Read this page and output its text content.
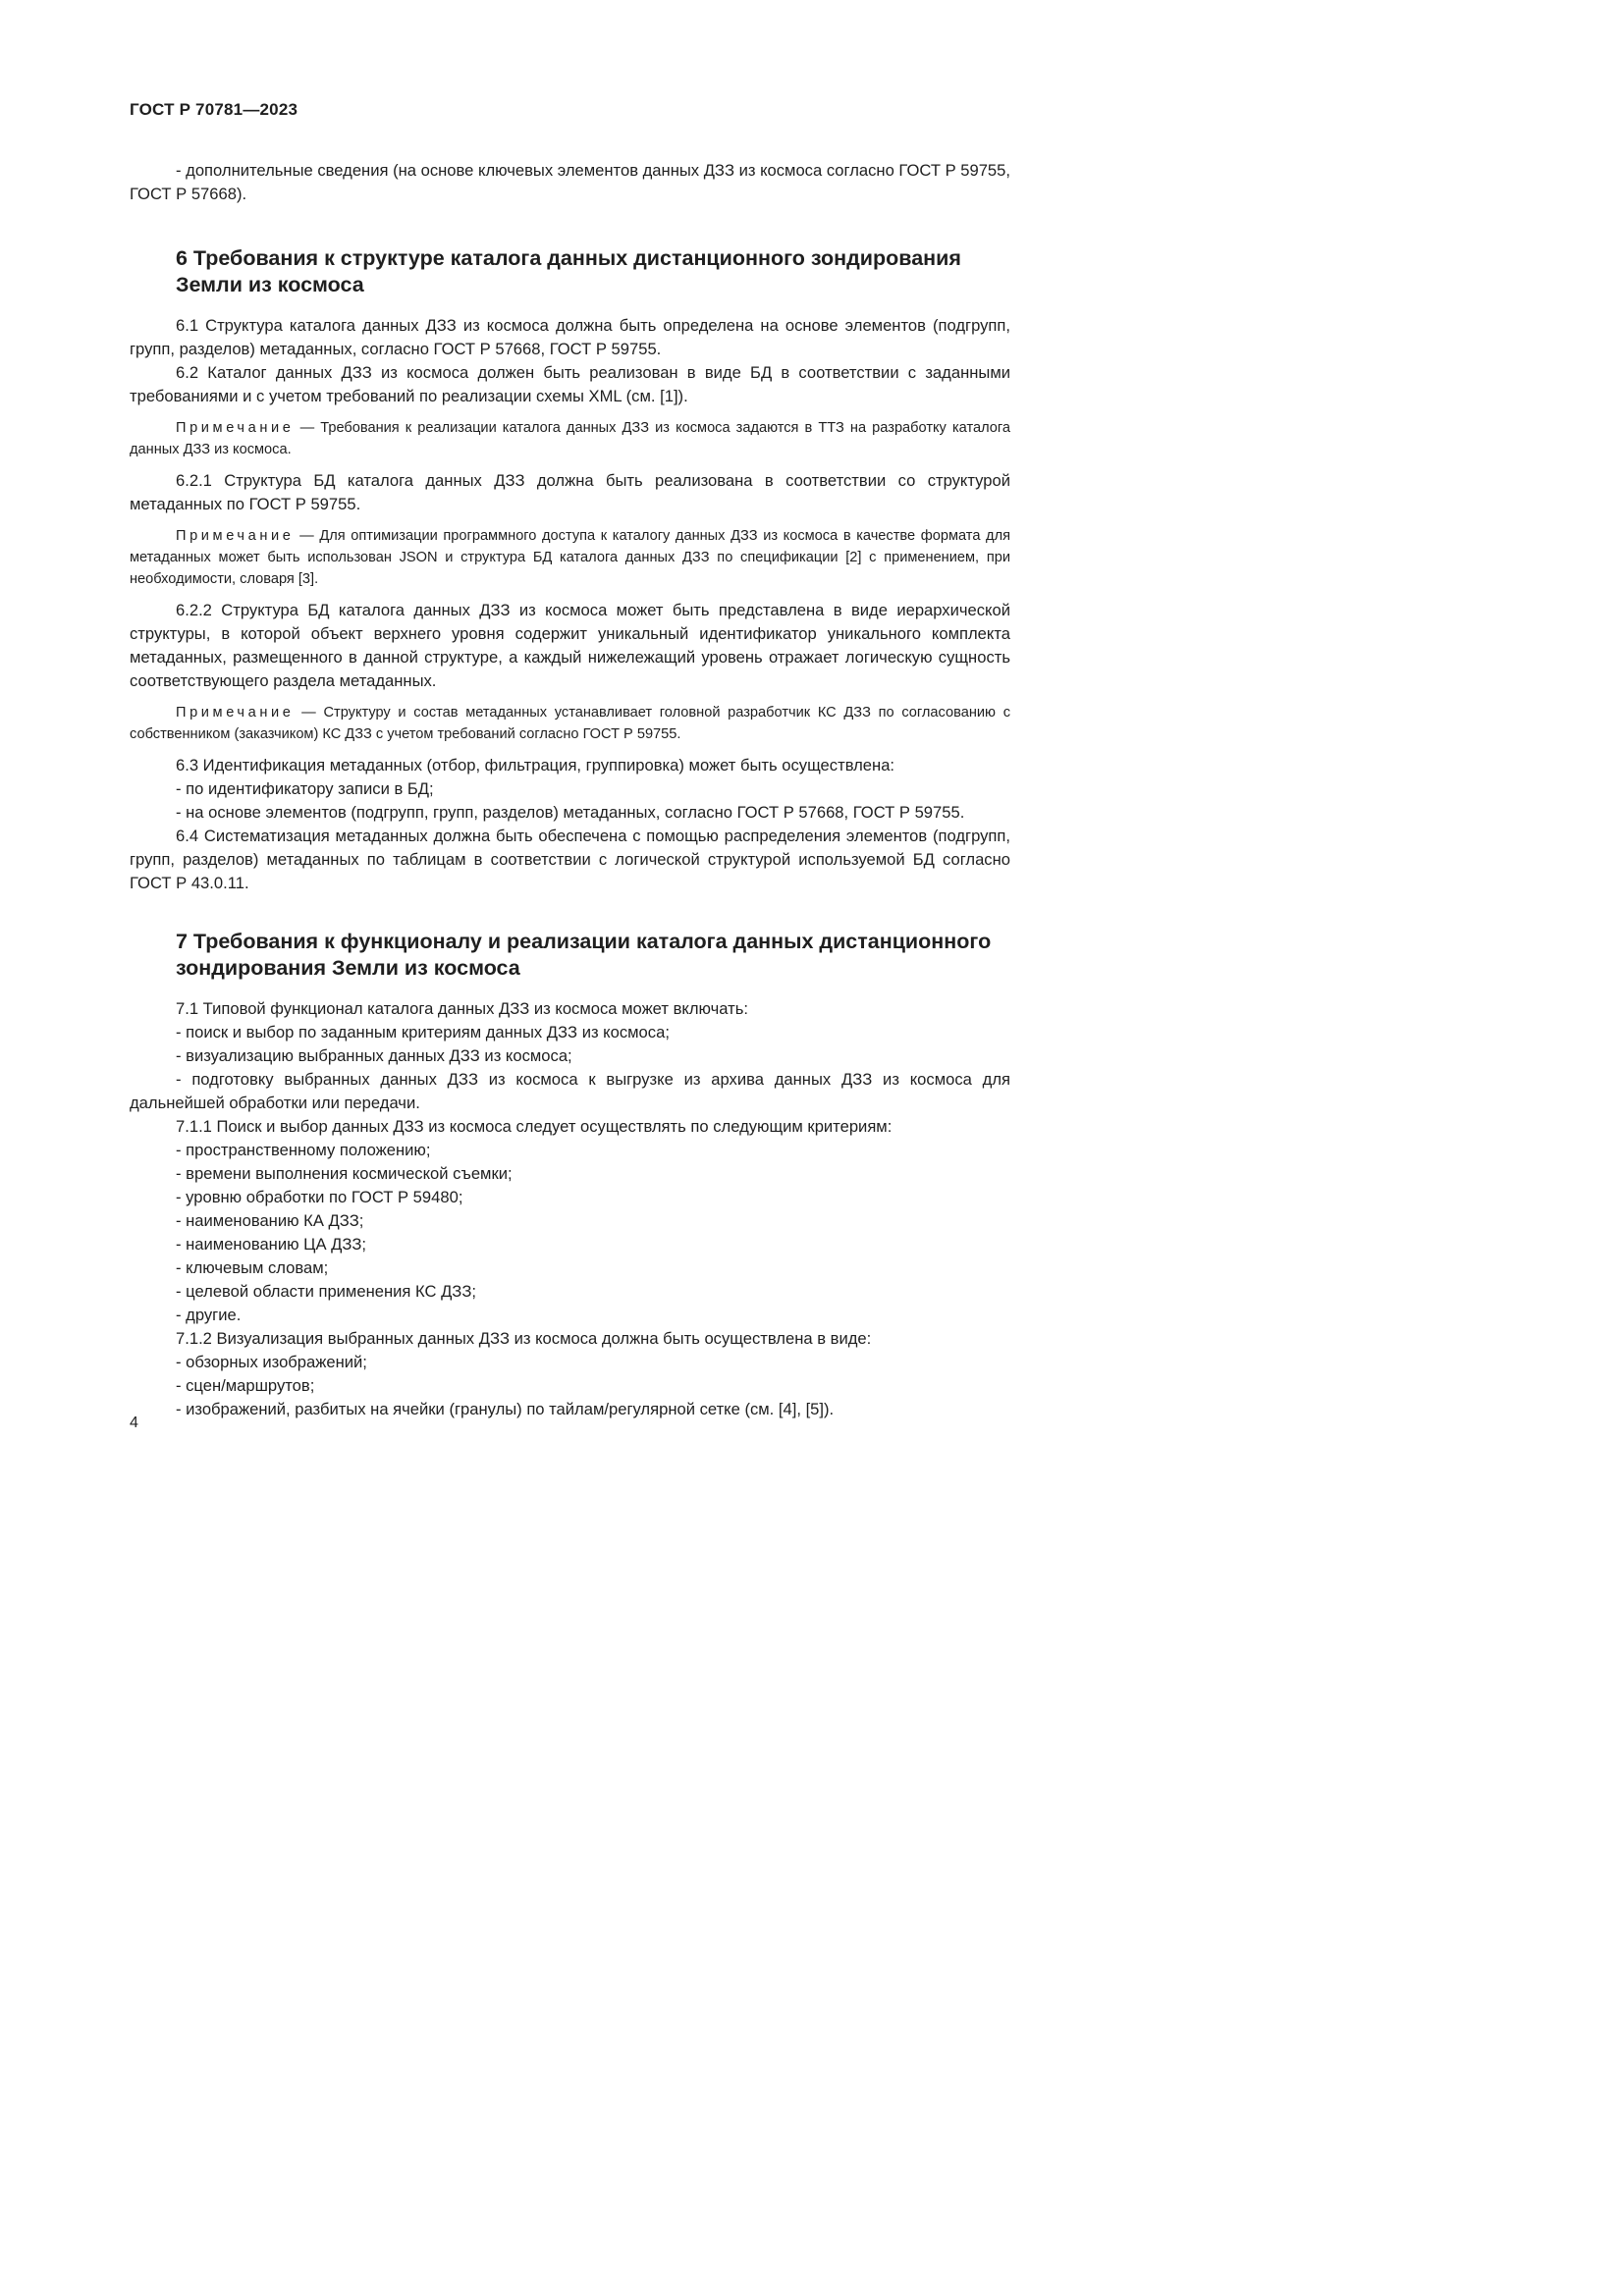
ГОСТ Р 70781—2023

- дополнительные сведения (на основе ключевых элементов данных ДЗЗ из космоса согласно ГОСТ Р 59755, ГОСТ Р 57668).

6 Требования к структуре каталога данных дистанционного зондирования Земли из космоса

6.1 Структура каталога данных ДЗЗ из космоса должна быть определена на основе элементов (подгрупп, групп, разделов) метаданных, согласно ГОСТ Р 57668, ГОСТ Р 59755.

6.2 Каталог данных ДЗЗ из космоса должен быть реализован в виде БД в соответствии с заданными требованиями и с учетом требований по реализации схемы XML (см. [1]).

Примечание — Требования к реализации каталога данных ДЗЗ из космоса задаются в ТТЗ на разработку каталога данных ДЗЗ из космоса.

6.2.1 Структура БД каталога данных ДЗЗ должна быть реализована в соответствии со структурой метаданных по ГОСТ Р 59755.

Примечание — Для оптимизации программного доступа к каталогу данных ДЗЗ из космоса в качестве формата для метаданных может быть использован JSON и структура БД каталога данных ДЗЗ по спецификации [2] с применением, при необходимости, словаря [3].

6.2.2 Структура БД каталога данных ДЗЗ из космоса может быть представлена в виде иерархической структуры, в которой объект верхнего уровня содержит уникальный идентификатор уникального комплекта метаданных, размещенного в данной структуре, а каждый нижележащий уровень отражает логическую сущность соответствующего раздела метаданных.

Примечание — Структуру и состав метаданных устанавливает головной разработчик КС ДЗЗ по согласованию с собственником (заказчиком) КС ДЗЗ с учетом требований согласно ГОСТ Р 59755.

6.3 Идентификация метаданных (отбор, фильтрация, группировка) может быть осуществлена:

- по идентификатору записи в БД;

- на основе элементов (подгрупп, групп, разделов) метаданных, согласно ГОСТ Р 57668, ГОСТ Р 59755.

6.4 Систематизация метаданных должна быть обеспечена с помощью распределения элементов (подгрупп, групп, разделов) метаданных по таблицам в соответствии с логической структурой используемой БД согласно ГОСТ Р 43.0.11.

7 Требования к функционалу и реализации каталога данных дистанционного зондирования Земли из космоса

7.1 Типовой функционал каталога данных ДЗЗ из космоса может включать:

- поиск и выбор по заданным критериям данных ДЗЗ из космоса;

- визуализацию выбранных данных ДЗЗ из космоса;

- подготовку выбранных данных ДЗЗ из космоса к выгрузке из архива данных ДЗЗ из космоса для дальнейшей обработки или передачи.

7.1.1 Поиск и выбор данных ДЗЗ из космоса следует осуществлять по следующим критериям:

- пространственному положению;

- времени выполнения космической съемки;

- уровню обработки по ГОСТ Р 59480;

- наименованию КА ДЗЗ;

- наименованию ЦА ДЗЗ;

- ключевым словам;

- целевой области применения КС ДЗЗ;

- другие.

7.1.2 Визуализация выбранных данных ДЗЗ из космоса должна быть осуществлена в виде:

- обзорных изображений;

- сцен/маршрутов;

- изображений, разбитых на ячейки (гранулы) по тайлам/регулярной сетке (см. [4], [5]).

4
